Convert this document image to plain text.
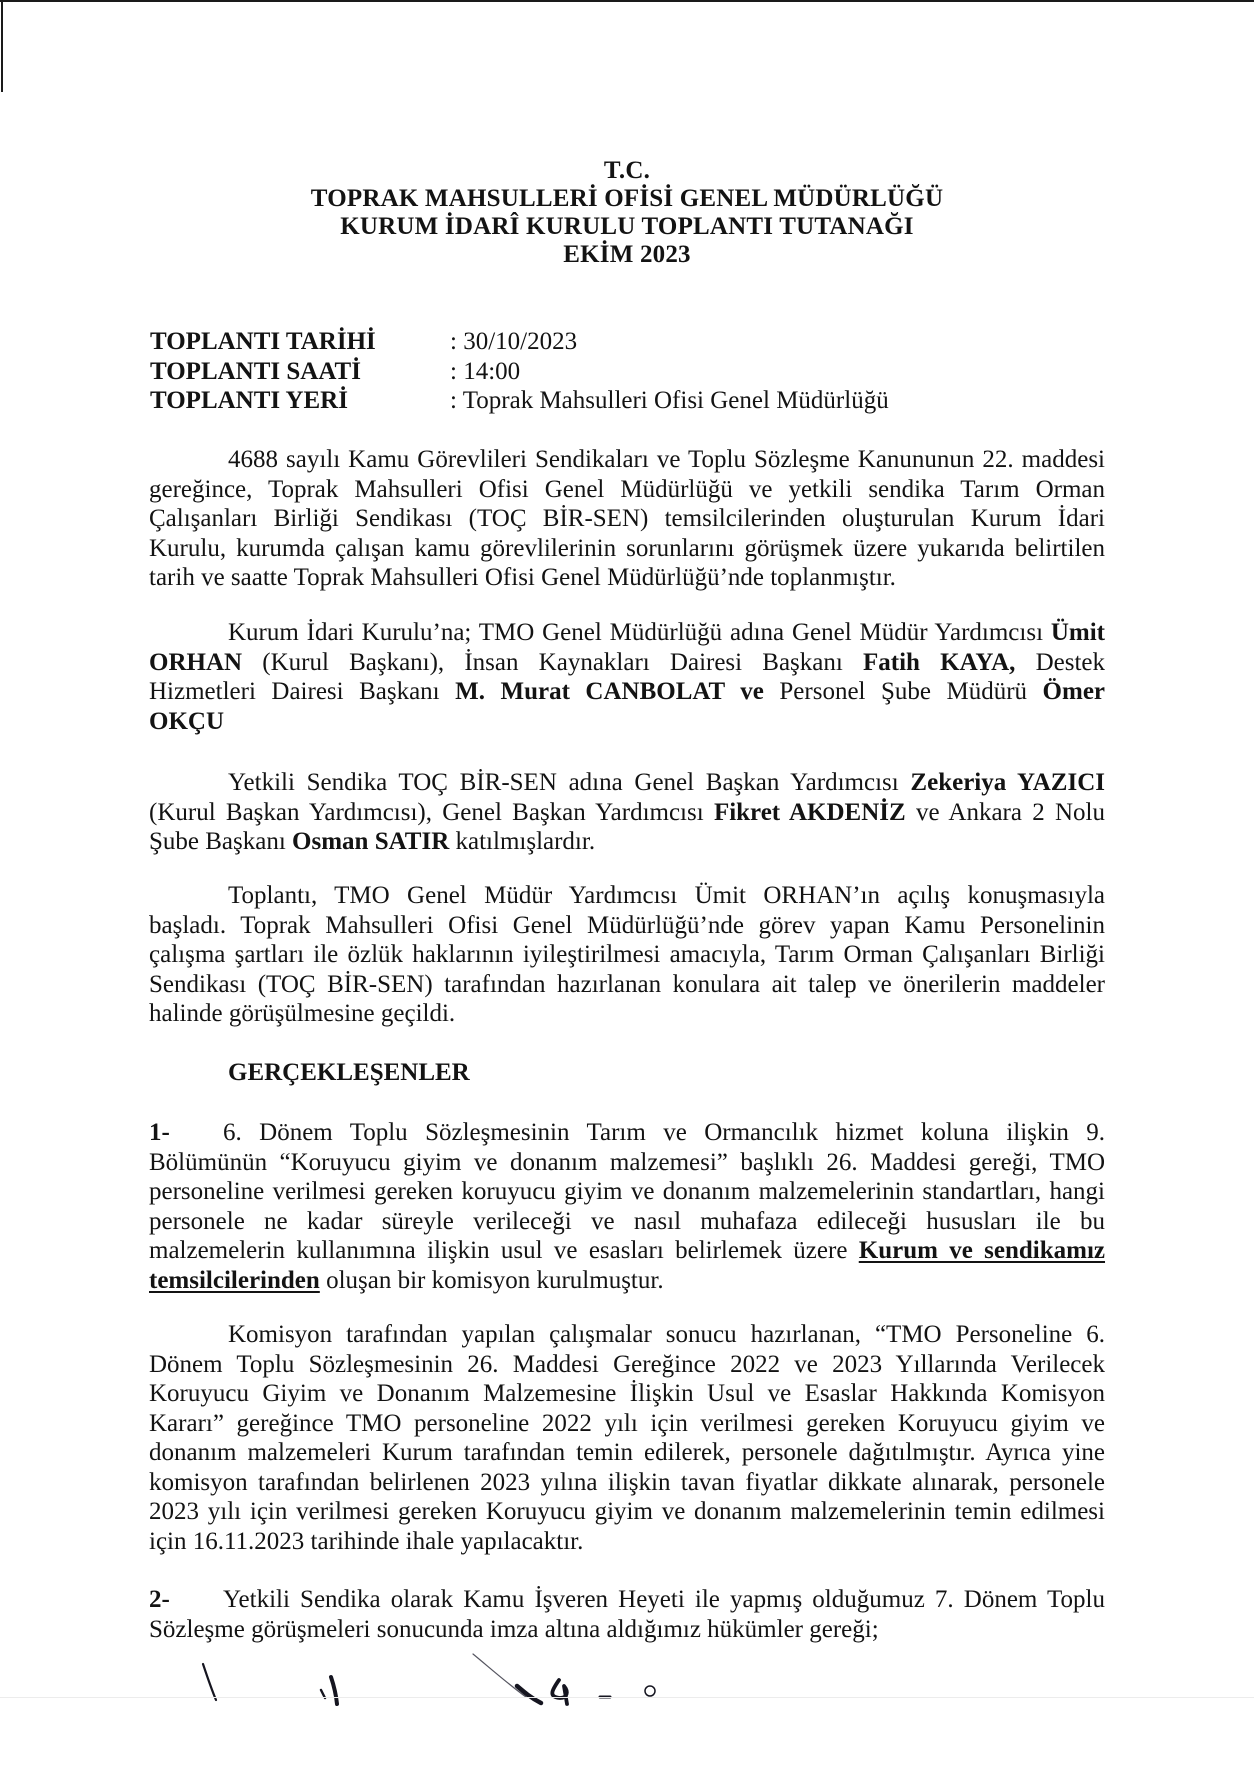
T.C.
TOPRAK MAHSULLERİ OFİSİ GENEL MÜDÜRLÜĞÜ
KURUM İDARÎ KURULU TOPLANTI TUTANAĞI
EKİM 2023
TOPLANTI TARİHİ	: 30/10/2023
TOPLANTI SAATİ	: 14:00
TOPLANTI YERİ	: Toprak Mahsulleri Ofisi Genel Müdürlüğü
4688 sayılı Kamu Görevlileri Sendikaları ve Toplu Sözleşme Kanununun 22. maddesi
gereğince, Toprak Mahsulleri Ofisi Genel Müdürlüğü ve yetkili sendika Tarım Orman
Çalışanları Birliği Sendikası (TOÇ BİR-SEN) temsilcilerinden oluşturulan Kurum İdari
Kurulu, kurumda çalışan kamu görevlilerinin sorunlarını görüşmek üzere yukarıda belirtilen
tarih ve saatte Toprak Mahsulleri Ofisi Genel Müdürlüğü’nde toplanmıştır.
Kurum İdari Kurulu’na; TMO Genel Müdürlüğü adına Genel Müdür Yardımcısı Ümit
ORHAN (Kurul Başkanı), İnsan Kaynakları Dairesi Başkanı Fatih KAYA, Destek
Hizmetleri Dairesi Başkanı M. Murat CANBOLAT ve Personel Şube Müdürü Ömer
OKÇU
Yetkili Sendika TOÇ BİR-SEN adına Genel Başkan Yardımcısı Zekeriya YAZICI
(Kurul Başkan Yardımcısı), Genel Başkan Yardımcısı Fikret AKDENİZ ve Ankara 2 Nolu
Şube Başkanı Osman SATIR katılmışlardır.
Toplantı, TMO Genel Müdür Yardımcısı Ümit ORHAN’ın açılış konuşmasıyla
başladı. Toprak Mahsulleri Ofisi Genel Müdürlüğü’nde görev yapan Kamu Personelinin
çalışma şartları ile özlük haklarının iyileştirilmesi amacıyla, Tarım Orman Çalışanları Birliği
Sendikası (TOÇ BİR-SEN) tarafından hazırlanan konulara ait talep ve önerilerin maddeler
halinde görüşülmesine geçildi.
GERÇEKLEŞENLER
1- 6. Dönem Toplu Sözleşmesinin Tarım ve Ormancılık hizmet koluna ilişkin 9.
Bölümünün “Koruyucu giyim ve donanım malzemesi” başlıklı 26. Maddesi gereği, TMO
personeline verilmesi gereken koruyucu giyim ve donanım malzemelerinin standartları, hangi
personele ne kadar süreyle verileceği ve nasıl muhafaza edileceği hususları ile bu
malzemelerin kullanımına ilişkin usul ve esasları belirlemek üzere Kurum ve sendikamız
temsilcilerinden oluşan bir komisyon kurulmuştur.
Komisyon tarafından yapılan çalışmalar sonucu hazırlanan, “TMO Personeline 6.
Dönem Toplu Sözleşmesinin 26. Maddesi Gereğince 2022 ve 2023 Yıllarında Verilecek
Koruyucu Giyim ve Donanım Malzemesine İlişkin Usul ve Esaslar Hakkında Komisyon
Kararı” gereğince TMO personeline 2022 yılı için verilmesi gereken Koruyucu giyim ve
donanım malzemeleri Kurum tarafından temin edilerek, personele dağıtılmıştır. Ayrıca yine
komisyon tarafından belirlenen 2023 yılına ilişkin tavan fiyatlar dikkate alınarak, personele
2023 yılı için verilmesi gereken Koruyucu giyim ve donanım malzemelerinin temin edilmesi
için 16.11.2023 tarihinde ihale yapılacaktır.
2- Yetkili Sendika olarak Kamu İşveren Heyeti ile yapmış olduğumuz 7. Dönem Toplu
Sözleşme görüşmeleri sonucunda imza altına aldığımız hükümler gereği;
